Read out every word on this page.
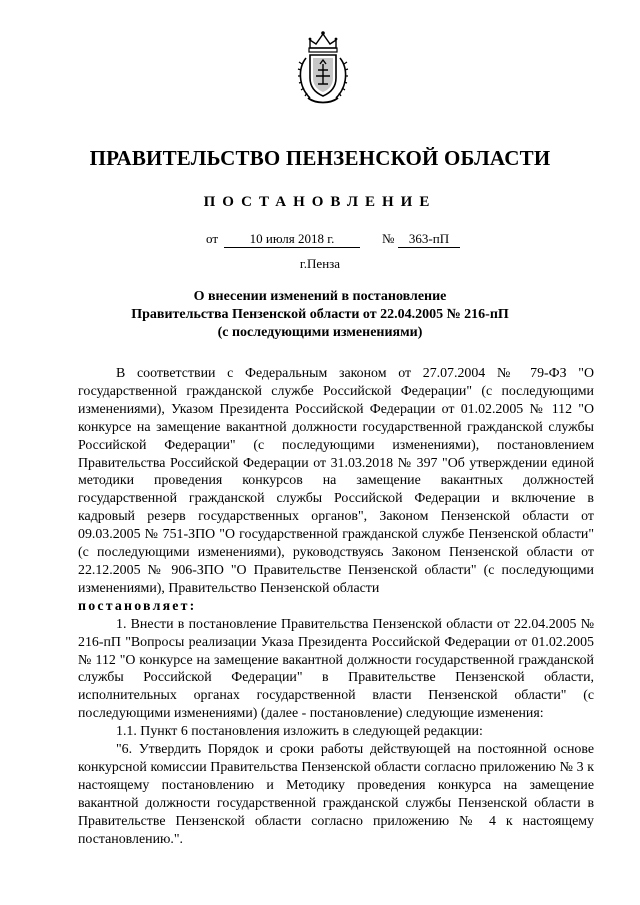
ПРАВИТЕЛЬСТВО ПЕНЗЕНСКОЙ ОБЛАСТИ
ПОСТАНОВЛЕНИЕ
от	10 июля 2018 г.	№	363-пП
г.Пенза
О внесении изменений в постановление
Правительства Пензенской области от 22.04.2005 № 216-пП
(с последующими изменениями)

В соответствии с Федеральным законом от 27.07.2004 № 79-ФЗ "О государственной гражданской службе Российской Федерации" (с последующими изменениями), Указом Президента Российской Федерации от 01.02.2005 № 112 "О конкурсе на замещение вакантной должности государственной гражданской службы Российской Федерации" (с последующими изменениями), постановлением Правительства Российской Федерации от 31.03.2018 № 397 "Об утверждении единой методики проведения конкурсов на замещение вакантных должностей государственной гражданской службы Российской Федерации и включение в кадровый резерв государственных органов", Законом Пензенской области от 09.03.2005 № 751-ЗПО "О государственной гражданской службе Пензенской области" (с последующими изменениями), руководствуясь Законом Пензенской области от 22.12.2005 № 906-ЗПО "О Правительстве Пензенской области" (с последующими изменениями), Правительство Пензенской области

постановляет:

1. Внести в постановление Правительства Пензенской области от 22.04.2005 № 216-пП "Вопросы реализации Указа Президента Российской Федерации от 01.02.2005 № 112 "О конкурсе на замещение вакантной должности государственной гражданской службы Российской Федерации" в Правительстве Пензенской области, исполнительных органах государственной власти Пензенской области" (с последующими изменениями) (далее - постановление) следующие изменения:

1.1. Пункт 6 постановления изложить в следующей редакции:

"6. Утвердить Порядок и сроки работы действующей на постоянной основе конкурсной комиссии Правительства Пензенской области согласно приложению № 3 к настоящему постановлению и Методику проведения конкурса на замещение вакантной должности государственной гражданской службы Пензенской области в Правительстве Пензенской области согласно приложению № 4 к настоящему постановлению.".
